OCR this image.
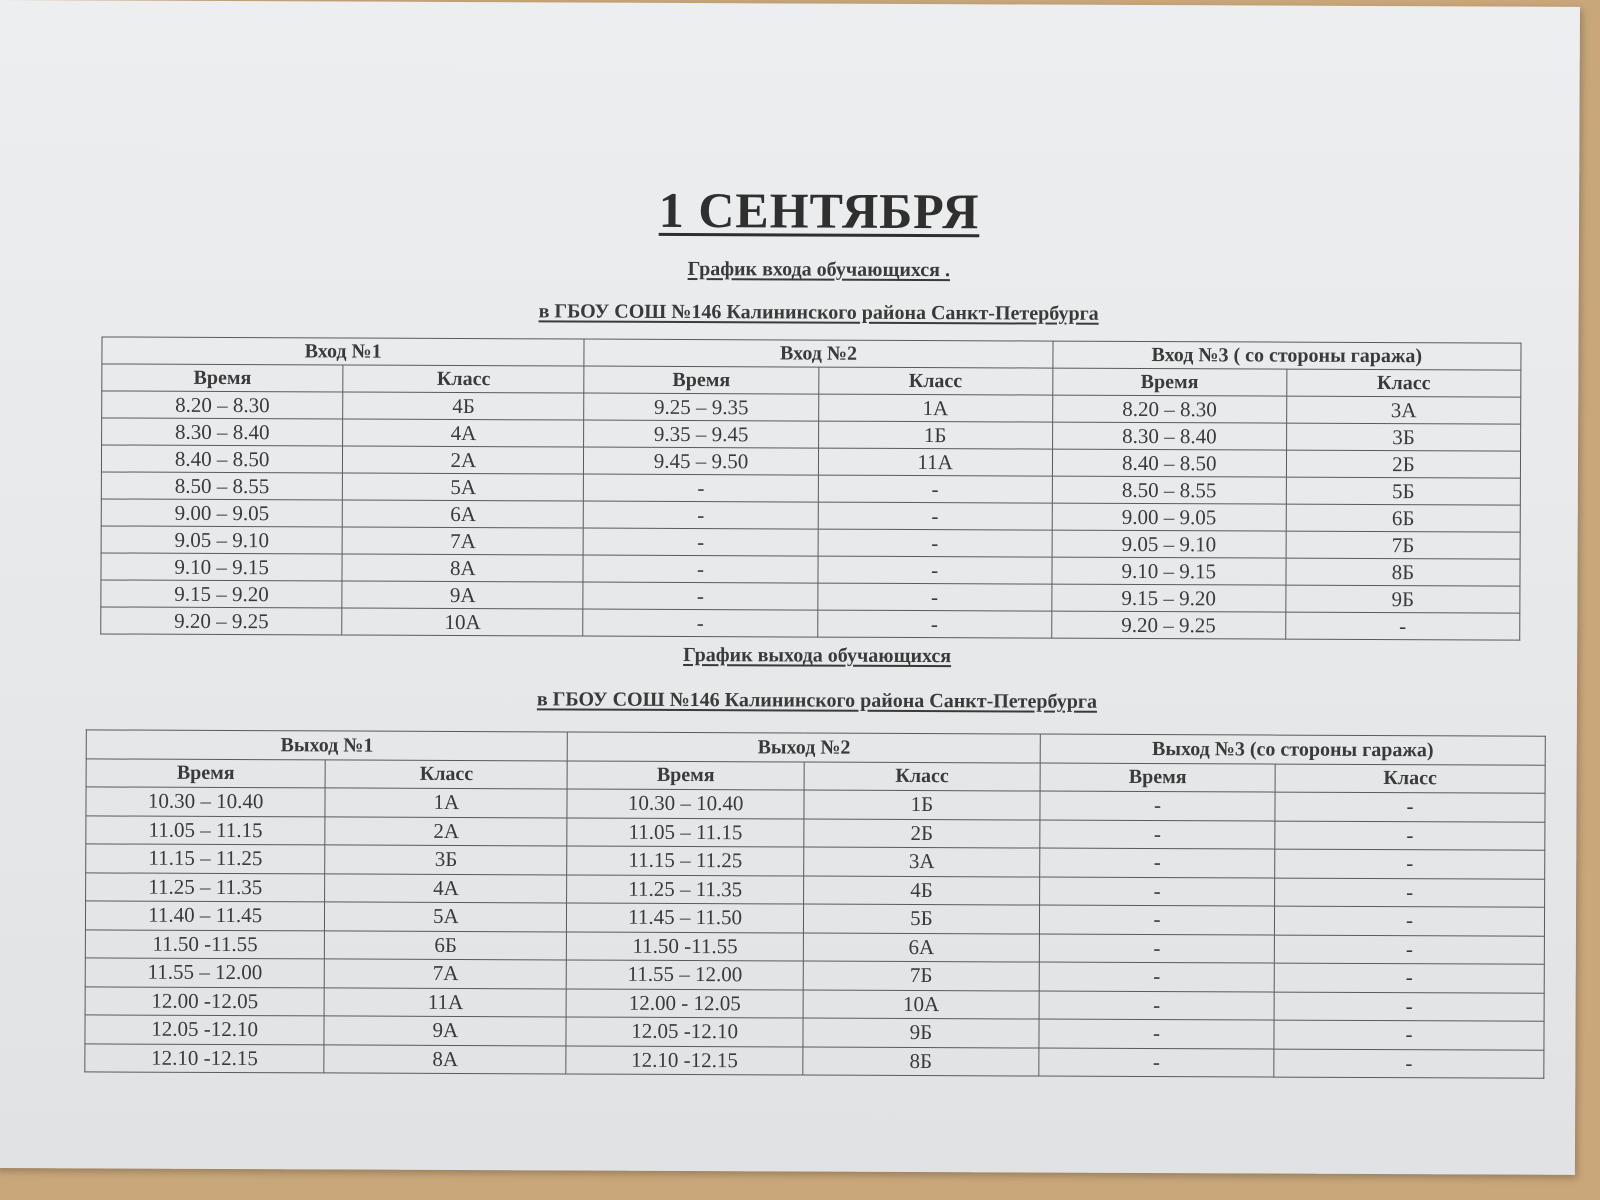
1 СЕНТЯБРЯ
График входа обучающихся .
в ГБОУ СОШ №146 Калининского района Санкт-Петербурга
Вход №1		Вход №2		Вход №3 ( со стороны гаража)	
Время	Класс	Время	Класс	Время	Класс
8.20 – 8.30	4Б	9.25 – 9.35	1А	8.20 – 8.30	3А
8.30 – 8.40	4А	9.35 – 9.45	1Б	8.30 – 8.40	3Б
8.40 – 8.50	2А	9.45 – 9.50	11А	8.40 – 8.50	2Б
8.50 – 8.55	5А	-	-	8.50 – 8.55	5Б
9.00 – 9.05	6А	-	-	9.00 – 9.05	6Б
9.05 – 9.10	7А	-	-	9.05 – 9.10	7Б
9.10 – 9.15	8А	-	-	9.10 – 9.15	8Б
9.15 – 9.20	9А	-	-	9.15 – 9.20	9Б
9.20 – 9.25	10А	-	-	9.20 – 9.25	-
График выхода обучающихся
в ГБОУ СОШ №146 Калининского района Санкт-Петербурга
Выход №1		Выход №2		Выход №3 (со стороны гаража)	
Время	Класс	Время	Класс	Время	Класс
10.30 – 10.40	1А	10.30 – 10.40	1Б	-	-
11.05 – 11.15	2А	11.05 – 11.15	2Б	-	-
11.15 – 11.25	3Б	11.15 – 11.25	3А	-	-
11.25 – 11.35	4А	11.25 – 11.35	4Б	-	-
11.40 – 11.45	5А	11.45 – 11.50	5Б	-	-
11.50 -11.55	6Б	11.50 -11.55	6А	-	-
11.55 – 12.00	7А	11.55 – 12.00	7Б	-	-
12.00 -12.05	11А	12.00 - 12.05	10А	-	-
12.05 -12.10	9А	12.05 -12.10	9Б	-	-
12.10 -12.15	8А	12.10 -12.15	8Б	-	-
